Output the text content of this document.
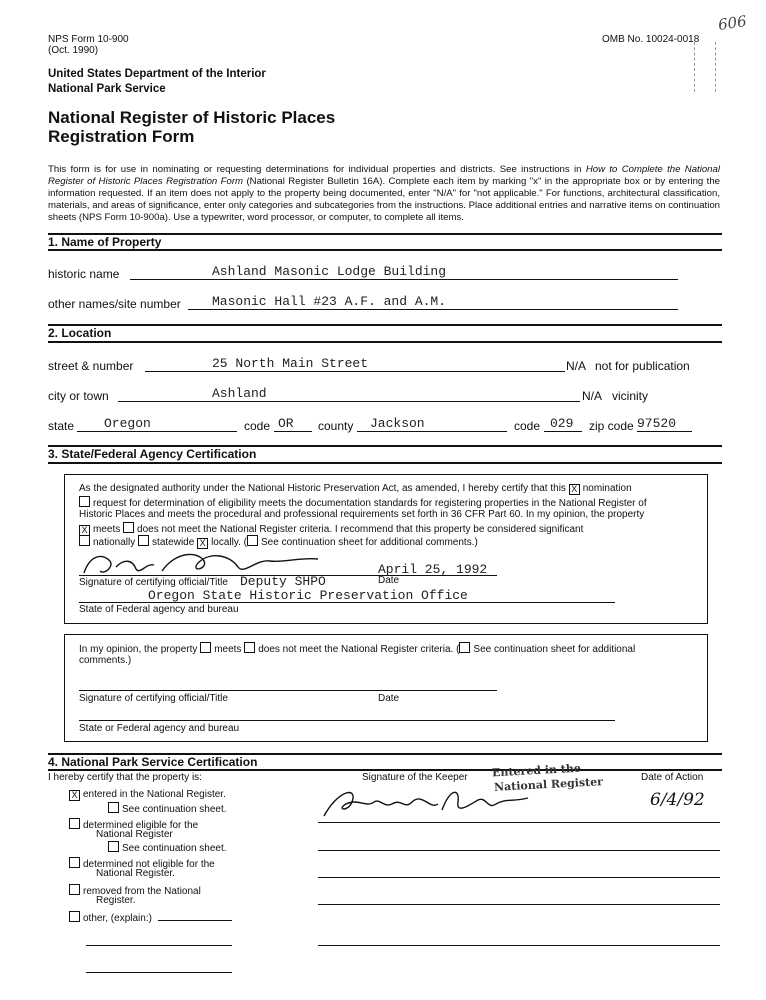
NPS Form 10-900
(Oct. 1990)
OMB No. 10024-0018
606
United States Department of the Interior
National Park Service
National Register of Historic Places
Registration Form
This form is for use in nominating or requesting determinations for individual properties and districts. See instructions in How to Complete the National Register of Historic Places Registration Form (National Register Bulletin 16A). Complete each item by marking "x" in the appropriate box or by entering the information requested. If an item does not apply to the property being documented, enter "N/A" for "not applicable." For functions, architectural classification, materials, and areas of significance, enter only categories and subcategories from the instructions. Place additional entries and narrative items on continuation sheets (NPS Form 10-900a). Use a typewriter, word processor, or computer, to complete all items.
1. Name of Property
historic name	Ashland Masonic Lodge Building
other names/site number Masonic Hall #23 A.F. and A.M.
2. Location
street & number	25 North Main Street	N/A not for publication
city or town	Ashland	N/A vicinity
state Oregon	code OR county Jackson	code 029 zip code 97520
3. State/Federal Agency Certification
As the designated authority under the National Historic Preservation Act, as amended, I hereby certify that this X nomination
request for determination of eligibility meets the documentation standards for registering properties in the National Register of
Historic Places and meets the procedural and professional requirements set forth in 36 CFR Part 60. In my opinion, the property
X meets does not meet the National Register criteria. I recommend that this property be considered significant
nationally statewide X locally. ( See continuation sheet for additional comments.)
April 25, 1992
Signature of certifying official/Title Deputy SHPO	Date
Oregon State Historic Preservation Office
State of Federal agency and bureau
In my opinion, the property meets does not meet the National Register criteria. ( See continuation sheet for additional
comments.)
Signature of certifying official/Title	Date
State or Federal agency and bureau
4. National Park Service Certification
I hereby certify that the property is:	Signature of the Keeper	Date of Action
Entered in the
National Register
6/4/92
X entered in the National Register.
See continuation sheet.
determined eligible for the
National Register
See continuation sheet.
determined not eligible for the
National Register.
removed from the National
Register.
other, (explain:)
